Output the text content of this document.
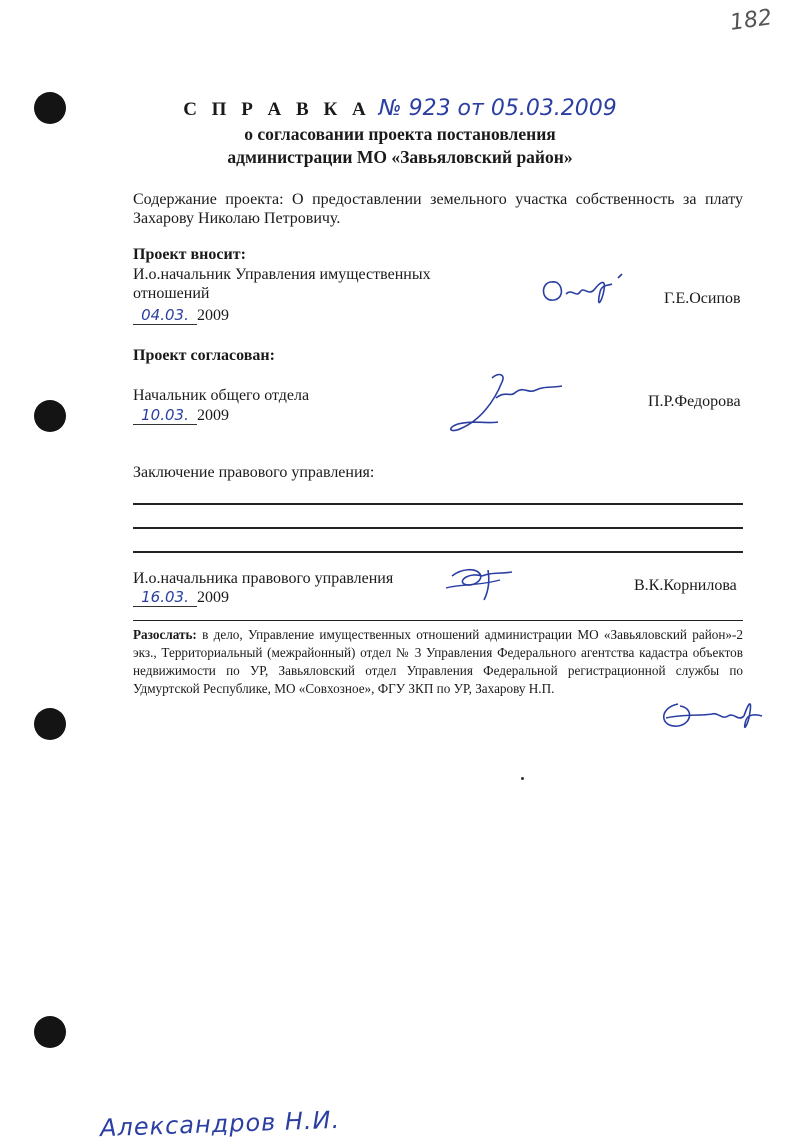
182
С П Р А В К А № 923 от 05.03.2009
о согласовании проекта постановления
администрации МО «Завьяловский район»
Содержание проекта: О предоставлении земельного участка собственность за плату
Захарову Николаю Петровичу.
Проект вносит:
И.о.начальник Управления имущественных
отношений
04.03. 2009
Г.Е.Осипов
Проект согласован:
Начальник общего отдела
10.03. 2009
П.Р.Федорова
Заключение правового управления:
И.о.начальника правового управления
16.03. 2009
В.К.Корнилова
Разослать: в дело, Управление имущественных отношений администрации МО «Завьяловский район»-2 экз., Территориальный (межрайонный) отдел № 3 Управления Федерального агентства кадастра объектов недвижимости по УР, Завьяловский отдел Управления Федеральной регистрационной службы по Удмуртской Республике, МО «Совхозное», ФГУ ЗКП по УР, Захарову Н.П.
Александров Н.И.
